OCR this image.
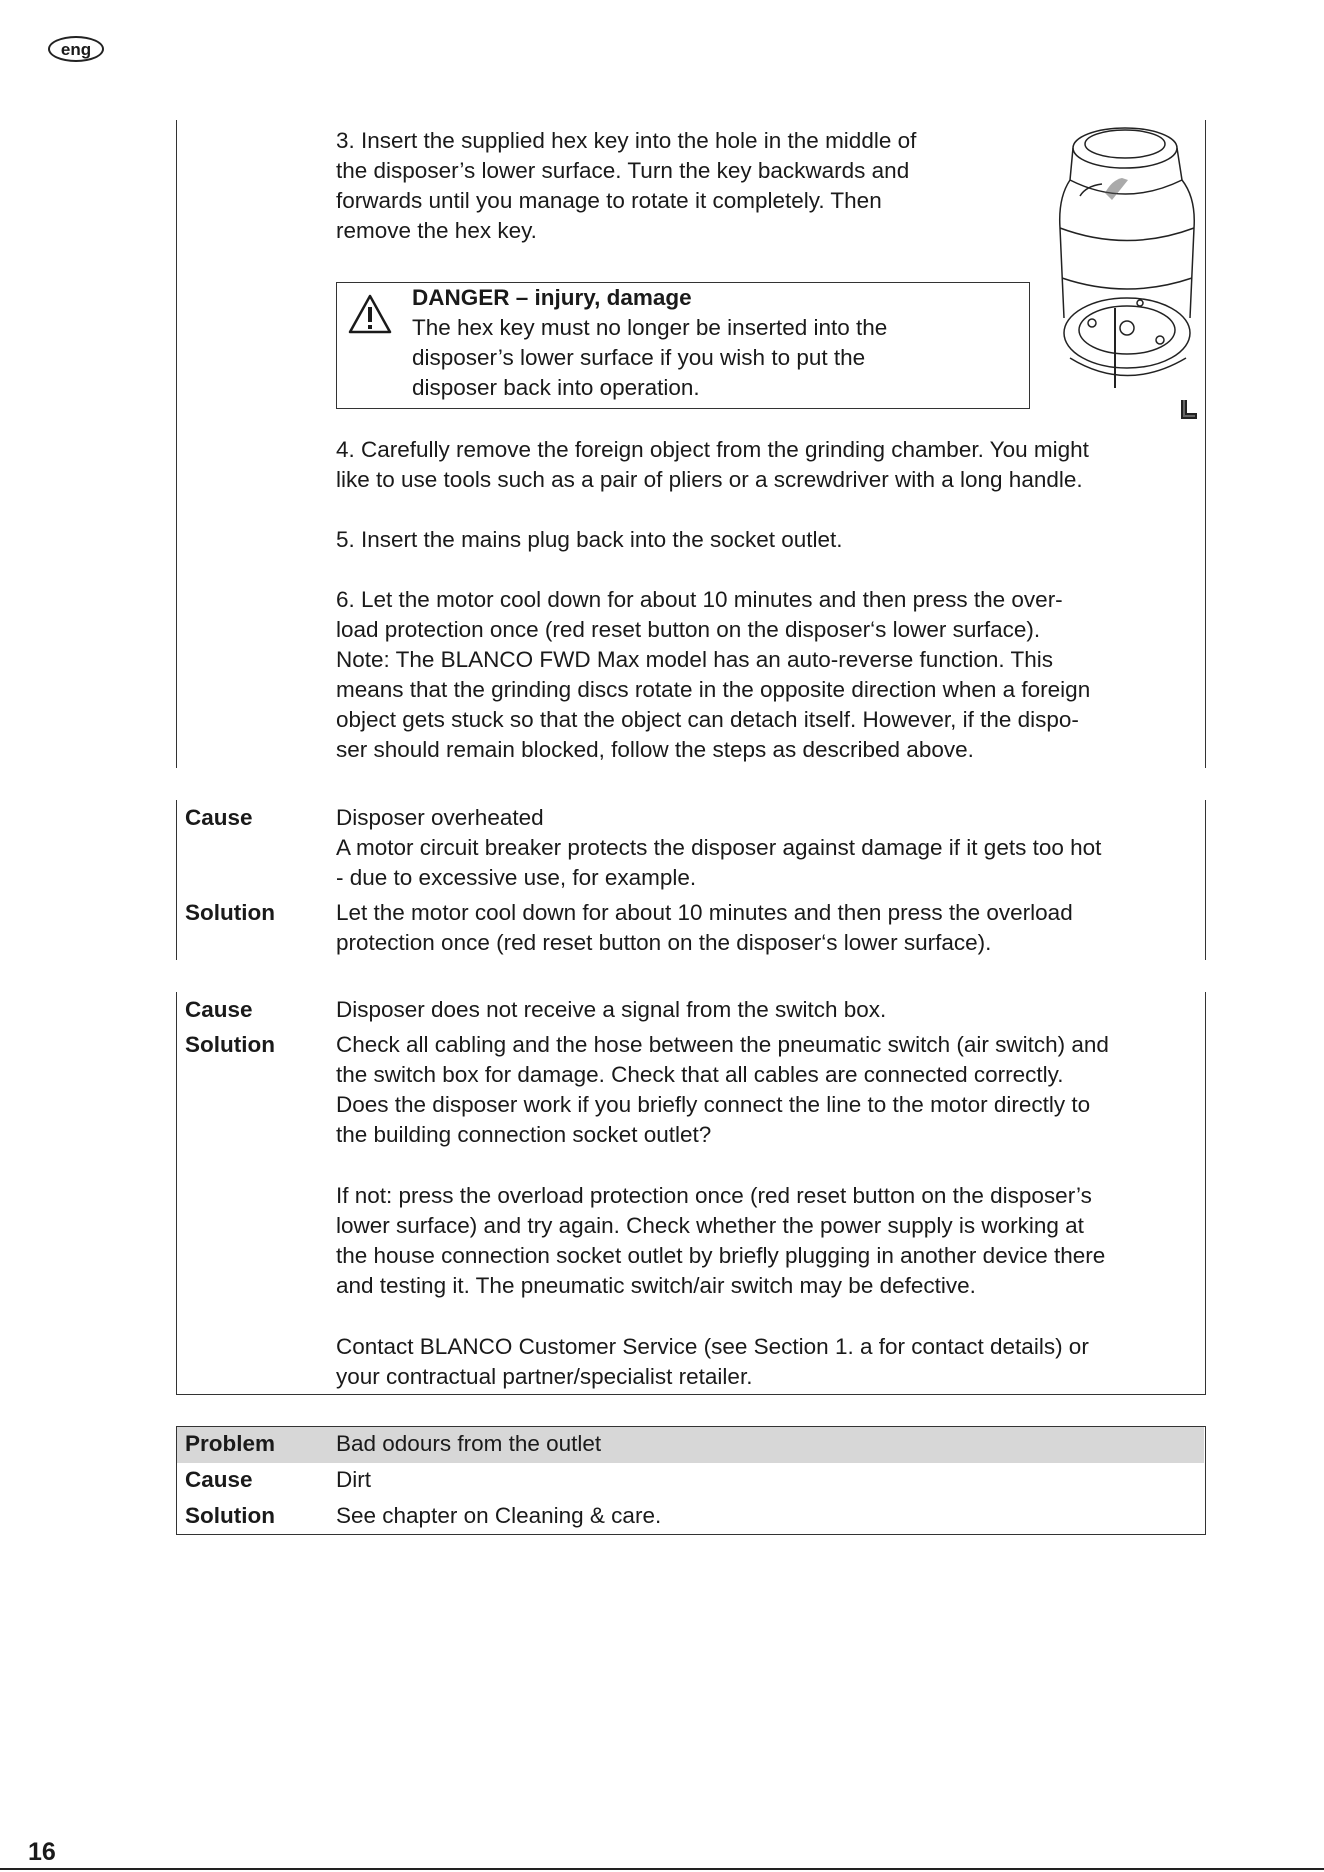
eng

3. Insert the supplied hex key into the hole in the middle of

the disposer’s lower surface. Turn the key backwards and

forwards until you manage to rotate it completely. Then

remove the hex key.

DANGER – injury, damage

The hex key must no longer be inserted into the

disposer’s lower surface if you wish to put the

disposer back into operation.

4. Carefully remove the foreign object from the grinding chamber. You might

like to use tools such as a pair of pliers or a screwdriver with a long handle.

5. Insert the mains plug back into the socket outlet.

6. Let the motor cool down for about 10 minutes and then press the over-

load protection once (red reset button on the disposer‘s lower surface).

Note: The BLANCO FWD Max model has an auto-reverse function. This

means that the grinding discs rotate in the opposite direction when a foreign

object gets stuck so that the object can detach itself. However, if the dispo-

ser should remain blocked, follow the steps as described above.

Cause	Disposer overheated

A motor circuit breaker protects the disposer against damage if it gets too hot

- due to excessive use, for example.

Solution	Let the motor cool down for about 10 minutes and then press the overload

protection once (red reset button on the disposer‘s lower surface).

Cause	Disposer does not receive a signal from the switch box.

Solution	Check all cabling and the hose between the pneumatic switch (air switch) and

the switch box for damage. Check that all cables are connected correctly.

Does the disposer work if you briefly connect the line to the motor directly to

the building connection socket outlet?

If not: press the overload protection once (red reset button on the disposer’s

lower surface) and try again. Check whether the power supply is working at

the house connection socket outlet by briefly plugging in another device there

and testing it. The pneumatic switch/air switch may be defective.

Contact BLANCO Customer Service (see Section 1. a for contact details) or

your contractual partner/specialist retailer.

Problem	Bad odours from the outlet
Cause	Dirt
Solution	See chapter on Cleaning & care.
16
